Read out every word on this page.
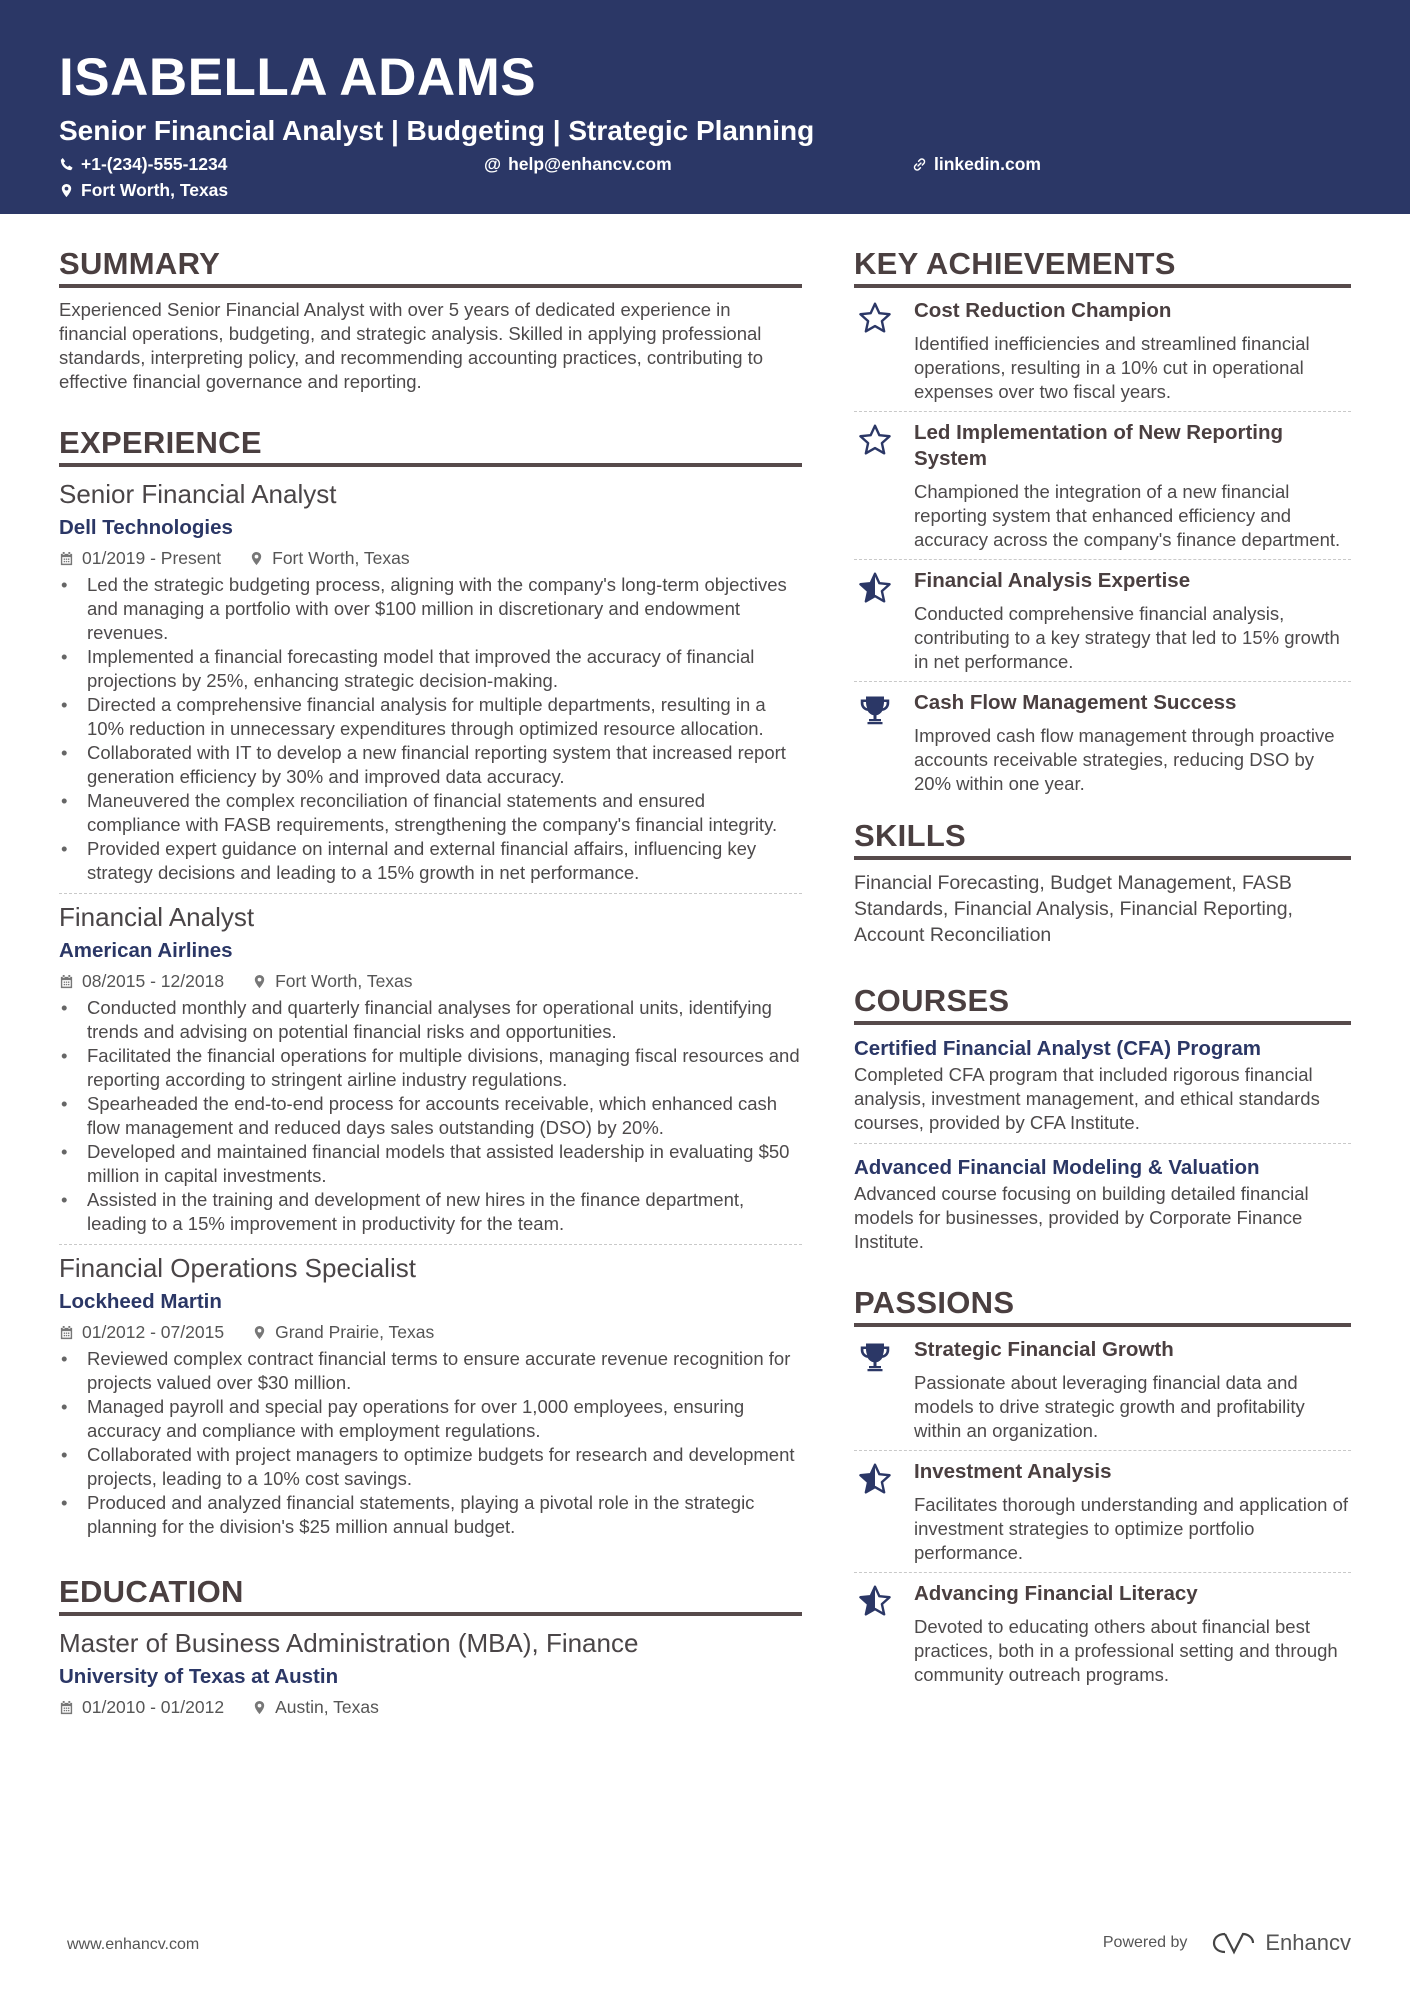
ISABELLA ADAMS
Senior Financial Analyst | Budgeting | Strategic Planning
+1-(234)-555-1234	@ help@enhancv.com	linkedin.com
Fort Worth, Texas
SUMMARY
Experienced Senior Financial Analyst with over 5 years of dedicated experience in financial operations, budgeting, and strategic analysis. Skilled in applying professional standards, interpreting policy, and recommending accounting practices, contributing to effective financial governance and reporting.
EXPERIENCE
Senior Financial Analyst
Dell Technologies
01/2019 - Present	Fort Worth, Texas
• Led the strategic budgeting process, aligning with the company's long-term objectives and managing a portfolio with over $100 million in discretionary and endowment revenues.
• Implemented a financial forecasting model that improved the accuracy of financial projections by 25%, enhancing strategic decision-making.
• Directed a comprehensive financial analysis for multiple departments, resulting in a 10% reduction in unnecessary expenditures through optimized resource allocation.
• Collaborated with IT to develop a new financial reporting system that increased report generation efficiency by 30% and improved data accuracy.
• Maneuvered the complex reconciliation of financial statements and ensured compliance with FASB requirements, strengthening the company's financial integrity.
• Provided expert guidance on internal and external financial affairs, influencing key strategy decisions and leading to a 15% growth in net performance.
Financial Analyst
American Airlines
08/2015 - 12/2018	Fort Worth, Texas
• Conducted monthly and quarterly financial analyses for operational units, identifying trends and advising on potential financial risks and opportunities.
• Facilitated the financial operations for multiple divisions, managing fiscal resources and reporting according to stringent airline industry regulations.
• Spearheaded the end-to-end process for accounts receivable, which enhanced cash flow management and reduced days sales outstanding (DSO) by 20%.
• Developed and maintained financial models that assisted leadership in evaluating $50 million in capital investments.
• Assisted in the training and development of new hires in the finance department, leading to a 15% improvement in productivity for the team.
Financial Operations Specialist
Lockheed Martin
01/2012 - 07/2015	Grand Prairie, Texas
• Reviewed complex contract financial terms to ensure accurate revenue recognition for projects valued over $30 million.
• Managed payroll and special pay operations for over 1,000 employees, ensuring accuracy and compliance with employment regulations.
• Collaborated with project managers to optimize budgets for research and development projects, leading to a 10% cost savings.
• Produced and analyzed financial statements, playing a pivotal role in the strategic planning for the division's $25 million annual budget.
EDUCATION
Master of Business Administration (MBA), Finance
University of Texas at Austin
01/2010 - 01/2012	Austin, Texas
KEY ACHIEVEMENTS
Cost Reduction Champion
Identified inefficiencies and streamlined financial operations, resulting in a 10% cut in operational expenses over two fiscal years.
Led Implementation of New Reporting System
Championed the integration of a new financial reporting system that enhanced efficiency and accuracy across the company's finance department.
Financial Analysis Expertise
Conducted comprehensive financial analysis, contributing to a key strategy that led to 15% growth in net performance.
Cash Flow Management Success
Improved cash flow management through proactive accounts receivable strategies, reducing DSO by 20% within one year.
SKILLS
Financial Forecasting, Budget Management, FASB Standards, Financial Analysis, Financial Reporting, Account Reconciliation
COURSES
Certified Financial Analyst (CFA) Program
Completed CFA program that included rigorous financial analysis, investment management, and ethical standards courses, provided by CFA Institute.
Advanced Financial Modeling & Valuation
Advanced course focusing on building detailed financial models for businesses, provided by Corporate Finance Institute.
PASSIONS
Strategic Financial Growth
Passionate about leveraging financial data and models to drive strategic growth and profitability within an organization.
Investment Analysis
Facilitates thorough understanding and application of investment strategies to optimize portfolio performance.
Advancing Financial Literacy
Devoted to educating others about financial best practices, both in a professional setting and through community outreach programs.
www.enhancv.com	Powered by	Enhancv
